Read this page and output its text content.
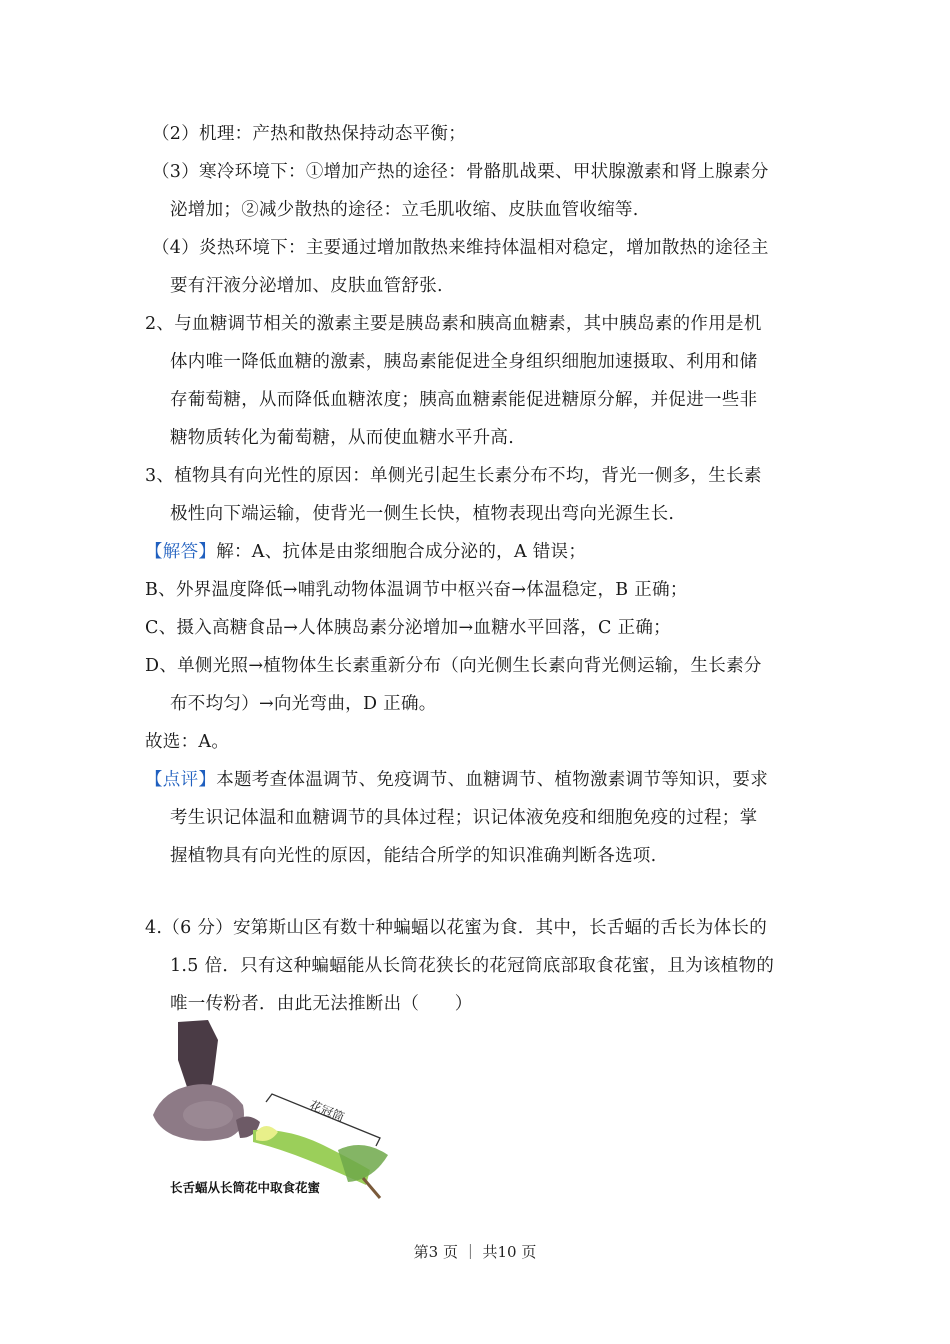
（2）机理：产热和散热保持动态平衡；
（3）寒冷环境下：①增加产热的途径：骨骼肌战栗、甲状腺激素和肾上腺素分
泌增加；②减少散热的途径：立毛肌收缩、皮肤血管收缩等.
（4）炎热环境下：主要通过增加散热来维持体温相对稳定，增加散热的途径主
要有汗液分泌增加、皮肤血管舒张.
2、与血糖调节相关的激素主要是胰岛素和胰高血糖素，其中胰岛素的作用是机
体内唯一降低血糖的激素，胰岛素能促进全身组织细胞加速摄取、利用和储
存葡萄糖，从而降低血糖浓度；胰高血糖素能促进糖原分解，并促进一些非
糖物质转化为葡萄糖，从而使血糖水平升高.
3、植物具有向光性的原因：单侧光引起生长素分布不均，背光一侧多，生长素
极性向下端运输，使背光一侧生长快，植物表现出弯向光源生长.
【解答】解：A、抗体是由浆细胞合成分泌的，A 错误；
B、外界温度降低→哺乳动物体温调节中枢兴奋→体温稳定，B 正确；
C、摄入高糖食品→人体胰岛素分泌增加→血糖水平回落，C 正确；
D、单侧光照→植物体生长素重新分布（向光侧生长素向背光侧运输，生长素分
布不均匀）→向光弯曲，D 正确。
故选：A。
【点评】本题考查体温调节、免疫调节、血糖调节、植物激素调节等知识，要求
考生识记体温和血糖调节的具体过程；识记体液免疫和细胞免疫的过程；掌
握植物具有向光性的原因，能结合所学的知识准确判断各选项.
4.（6 分）安第斯山区有数十种蝙蝠以花蜜为食．其中，长舌蝠的舌长为体长的
1.5 倍．只有这种蝙蝠能从长筒花狭长的花冠筒底部取食花蜜，且为该植物的
唯一传粉者．由此无法推断出（　　）
花冠筒
长舌蝠从长筒花中取食花蜜
第3 页 ｜ 共10 页
